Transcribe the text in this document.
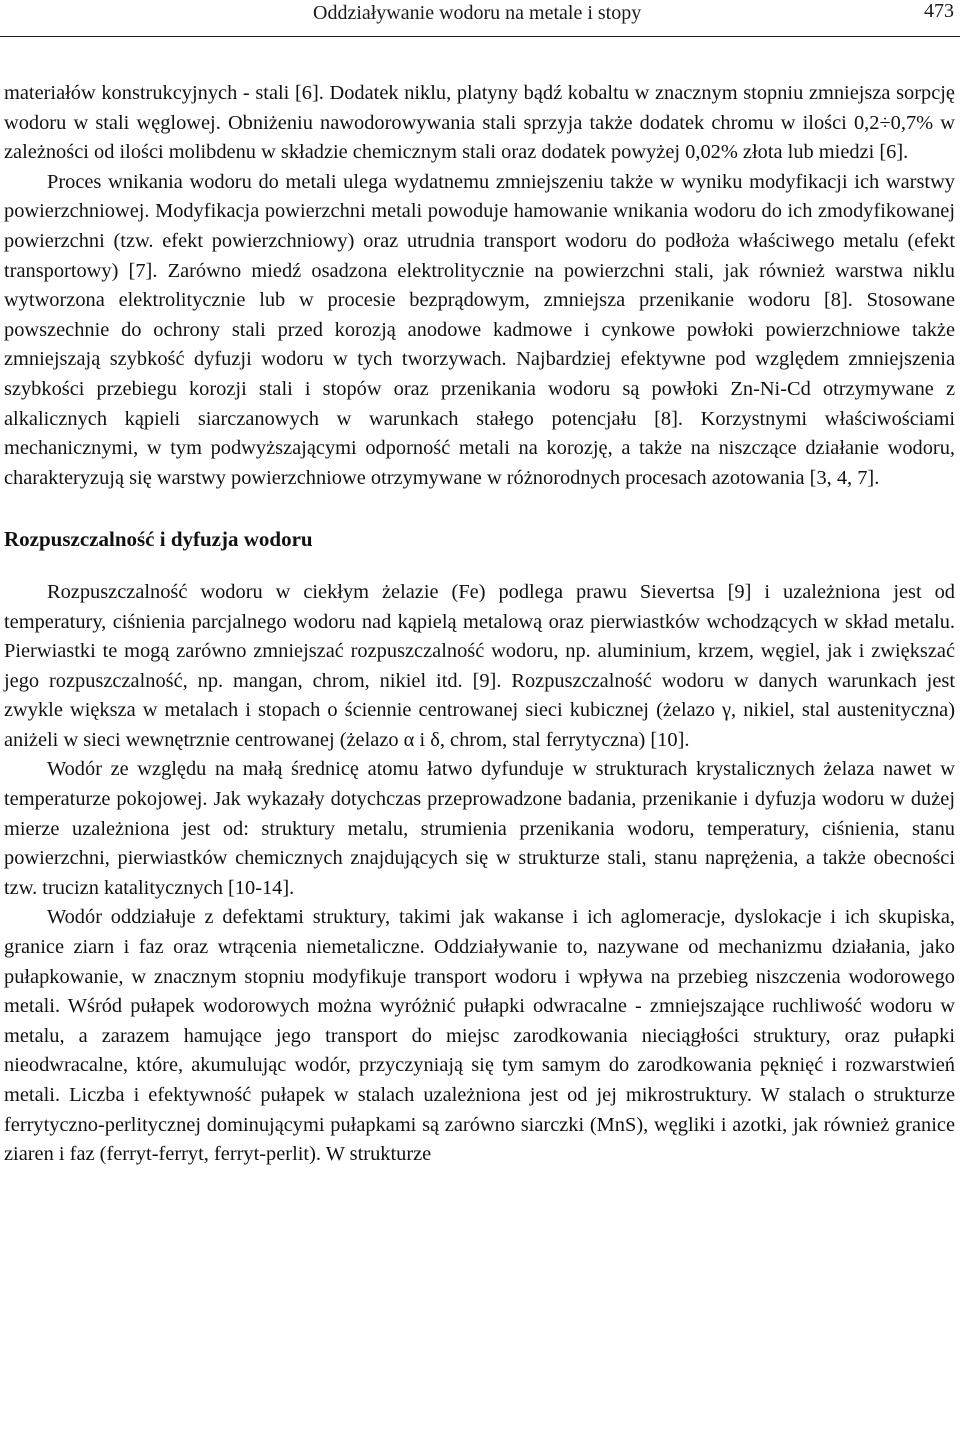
Oddziaływanie wodoru na metale i stopy	473

materiałów konstrukcyjnych - stali [6]. Dodatek niklu, platyny bądź kobaltu w znacznym stopniu zmniejsza sorpcję wodoru w stali węglowej. Obniżeniu nawodorowywania stali sprzyja także dodatek chromu w ilości 0,2÷0,7% w zależności od ilości molibdenu w składzie chemicznym stali oraz dodatek powyżej 0,02% złota lub miedzi [6].

Proces wnikania wodoru do metali ulega wydatnemu zmniejszeniu także w wyniku modyfikacji ich warstwy powierzchniowej. Modyfikacja powierzchni metali powoduje hamowanie wnikania wodoru do ich zmodyfikowanej powierzchni (tzw. efekt powierzchniowy) oraz utrudnia transport wodoru do podłoża właściwego metalu (efekt transportowy) [7]. Zarówno miedź osadzona elektrolitycznie na powierzchni stali, jak również warstwa niklu wytworzona elektrolitycznie lub w procesie bezprądowym, zmniejsza przenikanie wodoru [8]. Stosowane powszechnie do ochrony stali przed korozją anodowe kadmowe i cynkowe powłoki powierzchniowe także zmniejszają szybkość dyfuzji wodoru w tych tworzywach. Najbardziej efektywne pod względem zmniejszenia szybkości przebiegu korozji stali i stopów oraz przenikania wodoru są powłoki Zn-Ni-Cd otrzymywane z alkalicznych kąpieli siarczanowych w warunkach stałego potencjału [8]. Korzystnymi właściwościami mechanicznymi, w tym podwyższającymi odporność metali na korozję, a także na niszczące działanie wodoru, charakteryzują się warstwy powierzchniowe otrzymywane w różnorodnych procesach azotowania [3, 4, 7].

Rozpuszczalność i dyfuzja wodoru

Rozpuszczalność wodoru w ciekłym żelazie (Fe) podlega prawu Sievertsa [9] i uzależniona jest od temperatury, ciśnienia parcjalnego wodoru nad kąpielą metalową oraz pierwiastków wchodzących w skład metalu. Pierwiastki te mogą zarówno zmniejszać rozpuszczalność wodoru, np. aluminium, krzem, węgiel, jak i zwiększać jego rozpuszczalność, np. mangan, chrom, nikiel itd. [9]. Rozpuszczalność wodoru w danych warunkach jest zwykle większa w metalach i stopach o ściennie centrowanej sieci kubicznej (żelazo γ, nikiel, stal austenityczna) aniżeli w sieci wewnętrznie centrowanej (żelazo α i δ, chrom, stal ferrytyczna) [10].

Wodór ze względu na małą średnicę atomu łatwo dyfunduje w strukturach krystalicznych żelaza nawet w temperaturze pokojowej. Jak wykazały dotychczas przeprowadzone badania, przenikanie i dyfuzja wodoru w dużej mierze uzależniona jest od: struktury metalu, strumienia przenikania wodoru, temperatury, ciśnienia, stanu powierzchni, pierwiastków chemicznych znajdujących się w strukturze stali, stanu naprężenia, a także obecności tzw. trucizn katalitycznych [10-14].

Wodór oddziałuje z defektami struktury, takimi jak wakanse i ich aglomeracje, dyslokacje i ich skupiska, granice ziarn i faz oraz wtrącenia niemetaliczne. Oddziaływanie to, nazywane od mechanizmu działania, jako pułapkowanie, w znacznym stopniu modyfikuje transport wodoru i wpływa na przebieg niszczenia wodorowego metali. Wśród pułapek wodorowych można wyróżnić pułapki odwracalne - zmniejszające ruchliwość wodoru w metalu, a zarazem hamujące jego transport do miejsc zarodkowania nieciągłości struktury, oraz pułapki nieodwracalne, które, akumulując wodór, przyczyniają się tym samym do zarodkowania pęknięć i rozwarstwień metali. Liczba i efektywność pułapek w stalach uzależniona jest od jej mikrostruktury. W stalach o strukturze ferrytyczno-perlitycznej dominującymi pułapkami są zarówno siarczki (MnS), węgliki i azotki, jak również granice ziaren i faz (ferryt-ferryt, ferryt-perlit). W strukturze
